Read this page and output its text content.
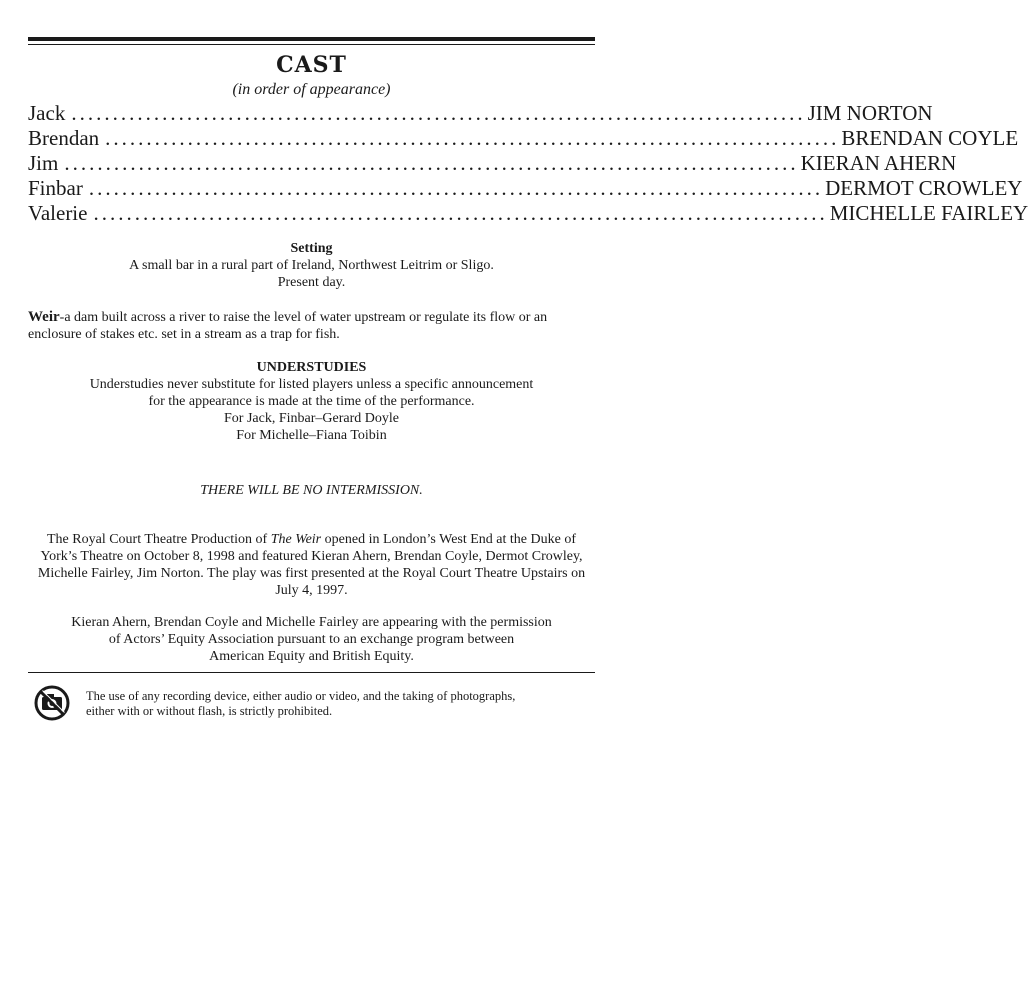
CAST
(in order of appearance)
Jack ......................................................................................... JIM NORTON
Brendan ......................................................................................... BRENDAN COYLE
Jim ......................................................................................... KIERAN AHERN
Finbar ......................................................................................... DERMOT CROWLEY
Valerie ......................................................................................... MICHELLE FAIRLEY
Setting
A small bar in a rural part of Ireland, Northwest Leitrim or Sligo.
Present day.
Weir-a dam built across a river to raise the level of water upstream or regulate its flow or an enclosure of stakes etc. set in a stream as a trap for fish.
UNDERSTUDIES
Understudies never substitute for listed players unless a specific announcement
for the appearance is made at the time of the performance.
For Jack, Finbar–Gerard Doyle
For Michelle–Fiana Toibin
THERE WILL BE NO INTERMISSION.
The Royal Court Theatre Production of The Weir opened in London’s West End at the Duke of York’s Theatre on October 8, 1998 and featured Kieran Ahern, Brendan Coyle, Dermot Crowley, Michelle Fairley, Jim Norton. The play was first presented at the Royal Court Theatre Upstairs on July 4, 1997.
Kieran Ahern, Brendan Coyle and Michelle Fairley are appearing with the permission
of Actors’ Equity Association pursuant to an exchange program between
American Equity and British Equity.
The use of any recording device, either audio or video, and the taking of photographs,
either with or without flash, is strictly prohibited.
